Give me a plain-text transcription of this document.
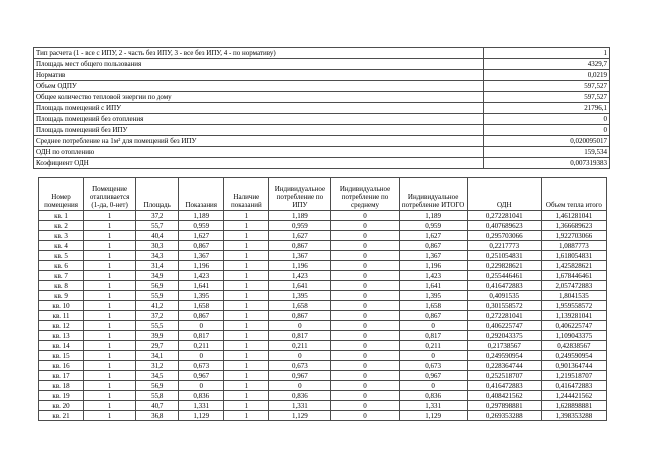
Тип расчета (1 - все с ИПУ, 2 - часть без ИПУ, 3 - все без ИПУ, 4 - по нормативу)	1
Площадь мест общего пользования	4329,7
Норматив	0,0219
Объем ОДПУ	597,527
Общее количество тепловой энергии по дому	597,527
Площадь помещений с ИПУ	21796,1
Площадь помещений без отопления	0
Площадь помещений без ИПУ	0
Среднее потребление на 1м² для помещений без ИПУ	0,020095017
ОДН по отоплению	159,534
Коэфициент ОДН	0,007319383
Номер помещения	Помещение отапливается (1-да, 0-нет)	Площадь	Показания	Наличие показаний	Индивидуальное потребление по ИПУ	Индивидуальное потребление по среднему	Индивидуальное потребление ИТОГО	ОДН	Объем тепла итого
кв. 1	1	37,2	1,189	1	1,189	0	1,189	0,272281041	1,461281041
кв. 2	1	55,7	0,959	1	0,959	0	0,959	0,407689623	1,366689623
кв. 3	1	40,4	1,627	1	1,627	0	1,627	0,295703066	1,922703066
кв. 4	1	30,3	0,867	1	0,867	0	0,867	0,2217773	1,0887773
кв. 5	1	34,3	1,367	1	1,367	0	1,367	0,251054831	1,618054831
кв. 6	1	31,4	1,196	1	1,196	0	1,196	0,229828621	1,425828621
кв. 7	1	34,9	1,423	1	1,423	0	1,423	0,255446461	1,678446461
кв. 8	1	56,9	1,641	1	1,641	0	1,641	0,416472883	2,057472883
кв. 9	1	55,9	1,395	1	1,395	0	1,395	0,4091535	1,8041535
кв. 10	1	41,2	1,658	1	1,658	0	1,658	0,301558572	1,959558572
кв. 11	1	37,2	0,867	1	0,867	0	0,867	0,272281041	1,139281041
кв. 12	1	55,5	0	1	0	0	0	0,406225747	0,406225747
кв. 13	1	39,9	0,817	1	0,817	0	0,817	0,292043375	1,109043375
кв. 14	1	29,7	0,211	1	0,211	0	0,211	0,21738567	0,42838567
кв. 15	1	34,1	0	1	0	0	0	0,249590954	0,249590954
кв. 16	1	31,2	0,673	1	0,673	0	0,673	0,228364744	0,901364744
кв. 17	1	34,5	0,967	1	0,967	0	0,967	0,252518707	1,219518707
кв. 18	1	56,9	0	1	0	0	0	0,416472883	0,416472883
кв. 19	1	55,8	0,836	1	0,836	0	0,836	0,408421562	1,244421562
кв. 20	1	40,7	1,331	1	1,331	0	1,331	0,297898881	1,628898881
кв. 21	1	36,8	1,129	1	1,129	0	1,129	0,269353288	1,398353288
